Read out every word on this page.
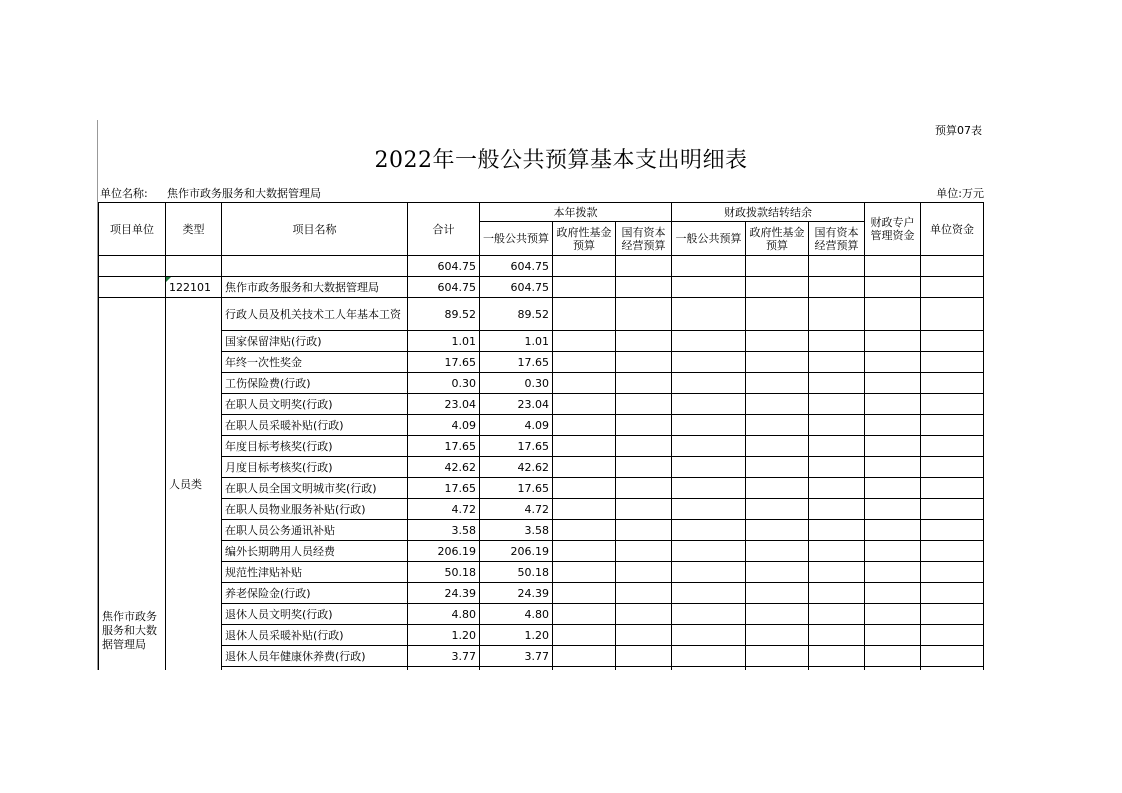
预算07表
2022年一般公共预算基本支出明细表
单位名称: 焦作市政务服务和大数据管理局	单位:万元
项目单位	类型	项目名称	合计	本年拨款			财政拨款结转结余			财政专户管理资金	单位资金
				一般公共预算	政府性基金预算	国有资本经营预算	一般公共预算	政府性基金预算	国有资本经营预算		
			604.75	604.75							
	122101	焦作市政务服务和大数据管理局	604.75	604.75							
焦作市政务服务和大数据管理局	人员类	行政人员及机关技术工人年基本工资	89.52	89.52							
		国家保留津贴(行政)	1.01	1.01							
		年终一次性奖金	17.65	17.65							
		工伤保险费(行政)	0.30	0.30							
		在职人员文明奖(行政)	23.04	23.04							
		在职人员采暖补贴(行政)	4.09	4.09							
		年度目标考核奖(行政)	17.65	17.65							
		月度目标考核奖(行政)	42.62	42.62							
		在职人员全国文明城市奖(行政)	17.65	17.65							
		在职人员物业服务补贴(行政)	4.72	4.72							
		在职人员公务通讯补贴	3.58	3.58							
		编外长期聘用人员经费	206.19	206.19							
		规范性津贴补贴	50.18	50.18							
		养老保险金(行政)	24.39	24.39							
		退休人员文明奖(行政)	4.80	4.80							
		退休人员采暖补贴(行政)	1.20	1.20							
		退休人员年健康休养费(行政)	3.77	3.77							
